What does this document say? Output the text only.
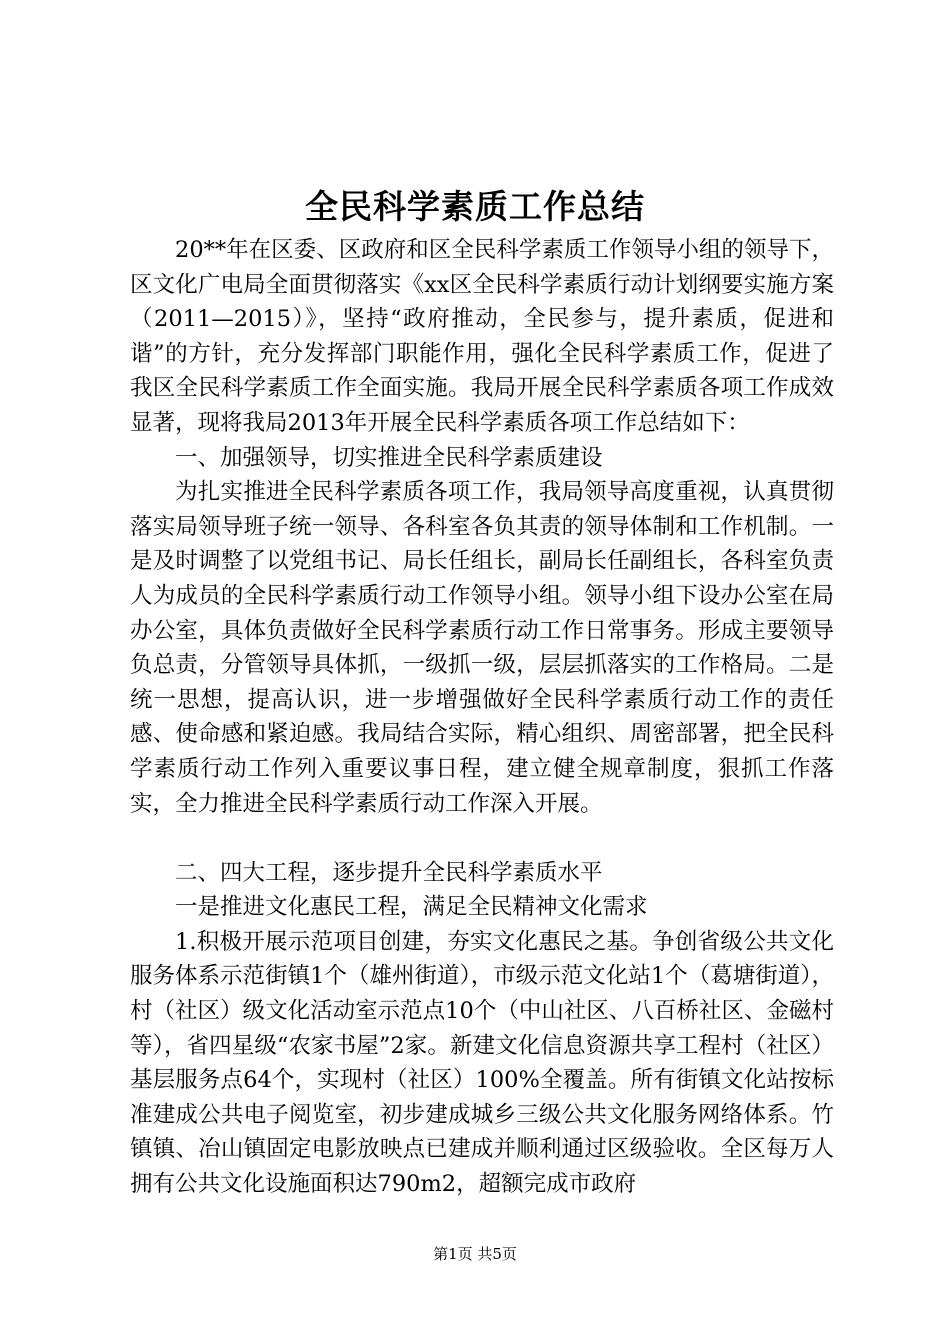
全民科学素质工作总结

20**年在区委、区政府和区全民科学素质工作领导小组的领导下，区文化广电局全面贯彻落实《xx区全民科学素质行动计划纲要实施方案（2011—2015）》，坚持“政府推动，全民参与，提升素质，促进和谐”的方针，充分发挥部门职能作用，强化全民科学素质工作，促进了我区全民科学素质工作全面实施。我局开展全民科学素质各项工作成效显著，现将我局2013年开展全民科学素质各项工作总结如下：

一、加强领导，切实推进全民科学素质建设

为扎实推进全民科学素质各项工作，我局领导高度重视，认真贯彻落实局领导班子统一领导、各科室各负其责的领导体制和工作机制。一是及时调整了以党组书记、局长任组长，副局长任副组长，各科室负责人为成员的全民科学素质行动工作领导小组。领导小组下设办公室在局办公室，具体负责做好全民科学素质行动工作日常事务。形成主要领导负总责，分管领导具体抓，一级抓一级，层层抓落实的工作格局。二是统一思想，提高认识，进一步增强做好全民科学素质行动工作的责任感、使命感和紧迫感。我局结合实际，精心组织、周密部署，把全民科学素质行动工作列入重要议事日程，建立健全规章制度，狠抓工作落实，全力推进全民科学素质行动工作深入开展。

二、四大工程，逐步提升全民科学素质水平

一是推进文化惠民工程，满足全民精神文化需求

1.积极开展示范项目创建，夯实文化惠民之基。争创省级公共文化服务体系示范街镇1个（雄州街道），市级示范文化站1个（葛塘街道），村（社区）级文化活动室示范点10个（中山社区、八百桥社区、金磁村等），省四星级“农家书屋”2家。新建文化信息资源共享工程村（社区）基层服务点64个，实现村（社区）100%全覆盖。所有街镇文化站按标准建成公共电子阅览室，初步建成城乡三级公共文化服务网络体系。竹镇镇、冶山镇固定电影放映点已建成并顺利通过区级验收。全区每万人拥有公共文化设施面积达790m2，超额完成市政府

第1页 共5页
